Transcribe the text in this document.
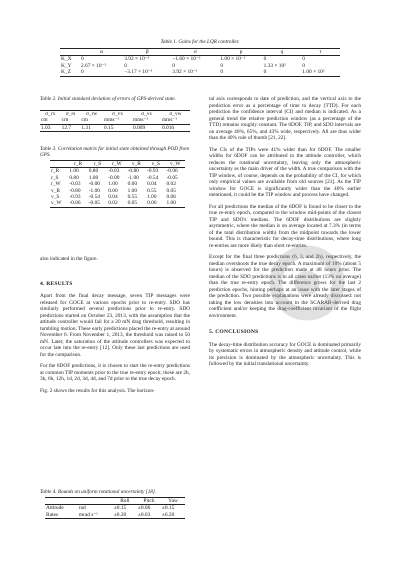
Table 1. Gains for the LQR controller.
	α	β	σ	p	q	τ
K_X	0	3.92 × 10⁻³	−1.60 × 10⁻²	1.00 × 10⁻²	0	0
K_Y	2.67 × 10⁻²	0	0	0	1.33 × 10²	0
K_Z	0	−3.17 × 10⁻³	3.92 × 10⁻²	0	0	1.00 × 10²
Table 2. Initial standard deviation of errors of GPS-derived state.
σ_rx	σ_rs	σ_rw	σ_vx	σ_vs	σ_vw
cm	cm	cm	mms⁻¹	mms⁻¹	mms⁻¹
1.03	12.7	1.31	0.15	0.009	0.016
Table 3. Correlation matrix for initial state obtained through POD from GPS.
	r_R	r_S	r_W	v_R	v_S	v_W
r_R	1.00	0.80	-0.03	-0.80	-0.93	-0.06
r_S	0.80	1.00	-0.00	-1.00	-0.54	-0.05
r_W	-0.03	-0.00	1.00	0.00	0.04	0.02
v_R	-0.80	-1.00	0.00	1.00	0.55	0.05
v_S	-0.93	-0.54	0.04	0.55	1.00	0.06
v_W	-0.06	-0.05	0.02	0.05	0.06	1.00

also indicated in the figure.

4. RESULTS

Apart from the final decay message, seven TIP messages were released for GOCE at various epochs prior to re-entry. SDO has similarly performed several predictions prior to re-entry. SDO predictions started on October 23, 2013, with the assumption that the attitude controller would fail for a 20 mN drag threshold, resulting in tumbling motion. These early predictions placed the re-entry at around November 6. From November 1, 2013, the threshold was raised to 50 mN. Later, the saturation of the attitude controllers was expected to occur late into the re-entry [12]. Only these last predictions are used for the comparison.

For the 6DOF predictions, it is chosen to start the re-entry predictions at common TIP moments prior to the true re-entry epoch; these are 2h, 3h, 6h, 12h, 1d, 2d, 3d, 4d, and 7d prior to the true decay epoch.

Fig. 2 shows the results for this analysis. The horizon-

Table 4. Bounds on uniform rotational uncertainty [18].
		Roll	Pitch	Yaw
Attitude	rad	±0.15	±0.06	±0.15
Rates	mrad s⁻¹	±0.20	±0.03	±6.20

tal axis corresponds to date of prediction, and the vertical axis to the prediction error as a percentage of time to decay (TTD). For each prediction the confidence interval (CI) and median is indicated. As a general trend the relative prediction window (as a percentage of the TTD) remains roughly constant. The 6DOF, TIP, and SDO intervals are on average 46%, 65%, and 43% wide, respectively. All are thus wider than the 40% rule of thumb [21, 22].

The CIs of the TIPs were 41% wider than for 6DOF. The smaller widths for 6DOF can be attributed to the attitude controller, which reduces the rotational uncertainty, leaving only the atmospheric uncertainty as the main driver of the width. A true comparison with the TIP window, of course, depends on the probability of the CI, for which only empirical values are available from old sources [21]. As the TIP window for GOCE is significantly wider than the 40% earlier mentioned, it could be the TIP window and process have changed.

For all predictions the median of the 6DOF is found to be closer to the true re-entry epoch, compared to the window mid-points of the closest TIP and SDO's medians. The 6DOF distributions are slightly asymmetric, where the median is on average located at 7.3% (in terms of the total distribution width) from the midpoint towards the lower bound. This is characteristic for decay-time distributions, where long re-entries are more likely than short re-entries.

Except for the final three predictions (6, 3, and 2h), respectively, the median overshoots the true decay epoch. A maximum of 10% (about 5 hours) is observed for the prediction made at 48 hours prior. The median of the SDO predictions is in all cases earlier (13% on average) than the true re-entry epoch. The difference grows for the last 2 prediction epochs, hinting perhaps at an issue with the later stages of the prediction. Two possible explanations were already discussed: not taking the low densities into account in the SCARAB-derived drag coefficient and/or keeping the drag-coefficient invariant of the flight environment.

5. CONCLUSIONS

The decay-time distribution accuracy for GOCE is dominated primarily by systematic errors in atmospheric density and attitude control, while its precision is dominated by the atmospheric uncertainty. This is followed by the initial translational uncertainty.
